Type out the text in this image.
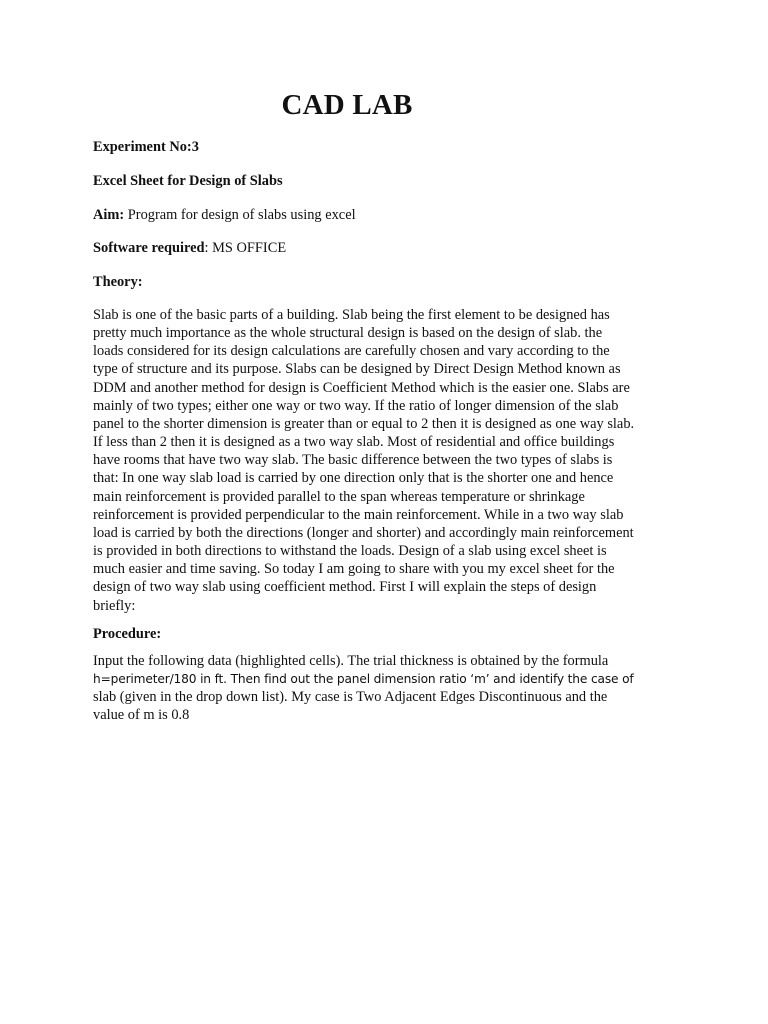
CAD LAB
Experiment No:3
Excel Sheet for Design of Slabs
Aim: Program for design of slabs using excel
Software required: MS OFFICE
Theory:
Slab is one of the basic parts of a building. Slab being the first element to be designed has
pretty much importance as the whole structural design is based on the design of slab. the
loads considered for its design calculations are carefully chosen and vary according to the
type of structure and its purpose. Slabs can be designed by Direct Design Method known as
DDM and another method for design is Coefficient Method which is the easier one. Slabs are
mainly of two types; either one way or two way. If the ratio of longer dimension of the slab
panel to the shorter dimension is greater than or equal to 2 then it is designed as one way slab.
If less than 2 then it is designed as a two way slab. Most of residential and office buildings
have rooms that have two way slab. The basic difference between the two types of slabs is
that: In one way slab load is carried by one direction only that is the shorter one and hence
main reinforcement is provided parallel to the span whereas temperature or shrinkage
reinforcement is provided perpendicular to the main reinforcement. While in a two way slab
load is carried by both the directions (longer and shorter) and accordingly main reinforcement
is provided in both directions to withstand the loads. Design of a slab using excel sheet is
much easier and time saving. So today I am going to share with you my excel sheet for the
design of two way slab using coefficient method. First I will explain the steps of design
briefly:
Procedure:
Input the following data (highlighted cells). The trial thickness is obtained by the formula
h=perimeter/180 in ft. Then find out the panel dimension ratio ‘m’ and identify the case of
slab (given in the drop down list). My case is Two Adjacent Edges Discontinuous and the
value of m is 0.8
